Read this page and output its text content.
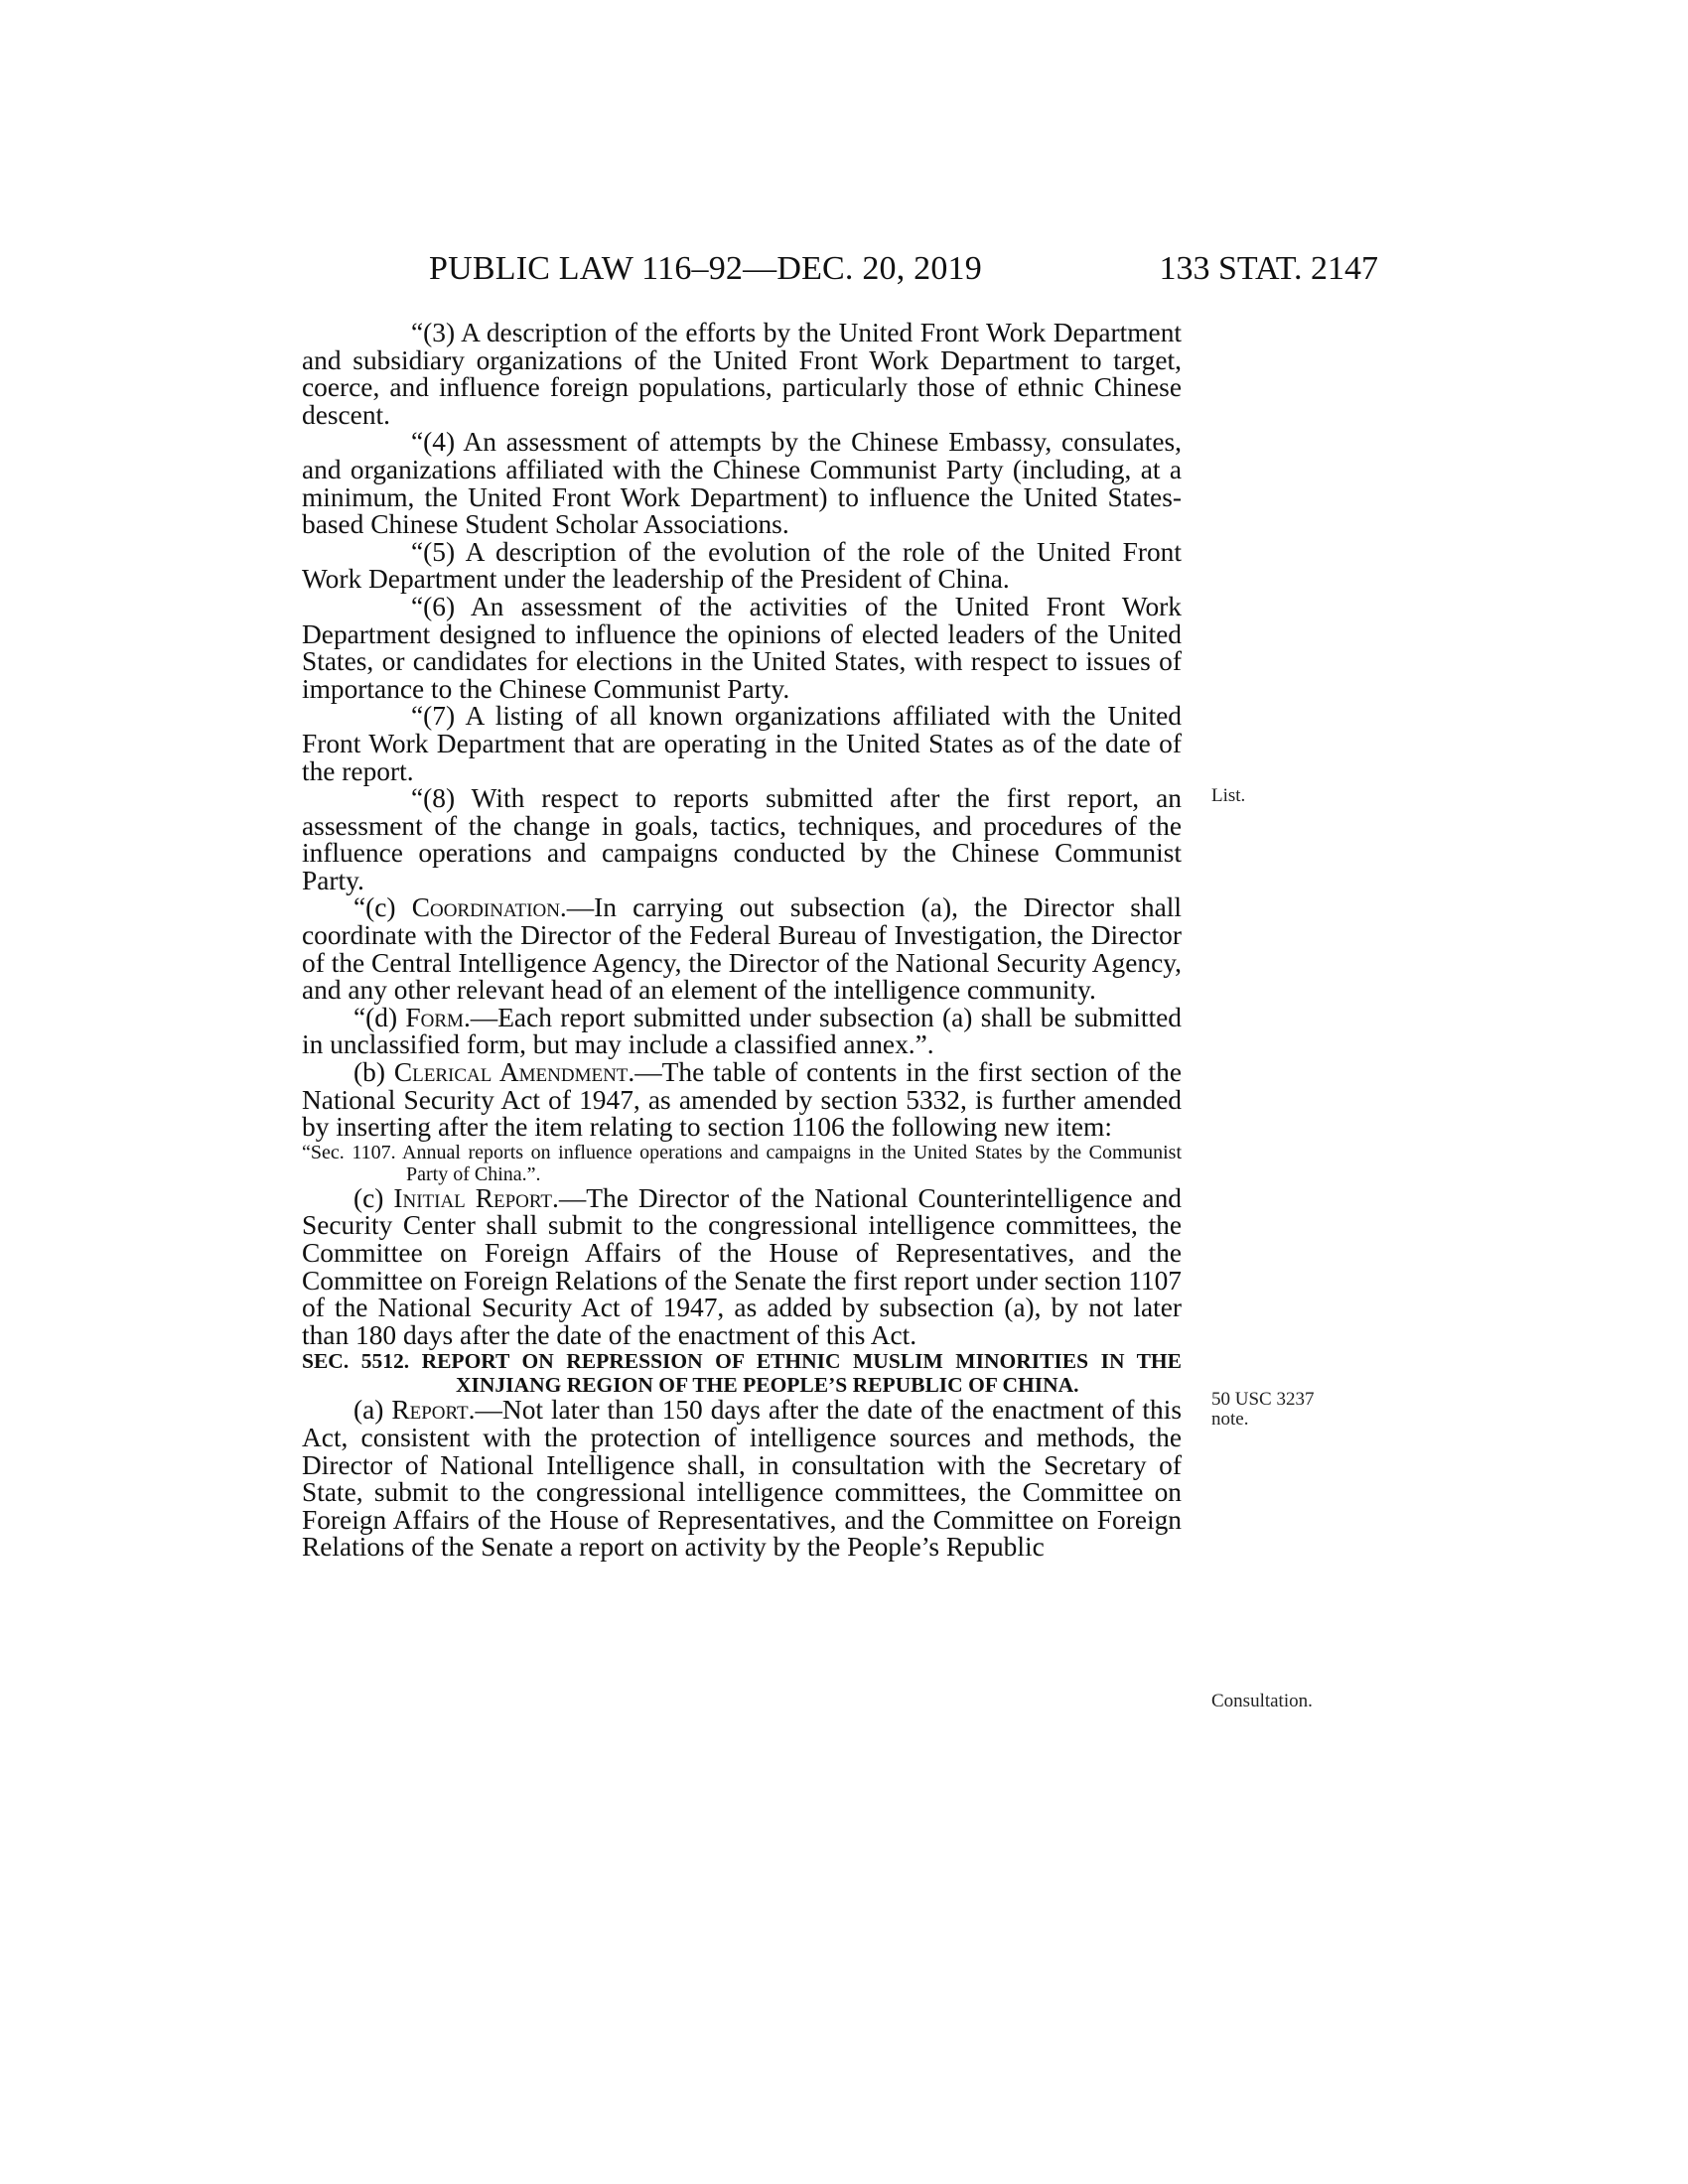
PUBLIC LAW 116–92—DEC. 20, 2019	133 STAT. 2147

“(3) A description of the efforts by the United Front Work Department and subsidiary organizations of the United Front Work Department to target, coerce, and influence foreign populations, particularly those of ethnic Chinese descent.

“(4) An assessment of attempts by the Chinese Embassy, consulates, and organizations affiliated with the Chinese Communist Party (including, at a minimum, the United Front Work Department) to influence the United States-based Chinese Student Scholar Associations.

“(5) A description of the evolution of the role of the United Front Work Department under the leadership of the President of China.

“(6) An assessment of the activities of the United Front Work Department designed to influence the opinions of elected leaders of the United States, or candidates for elections in the United States, with respect to issues of importance to the Chinese Communist Party.

“(7) A listing of all known organizations affiliated with the United Front Work Department that are operating in the United States as of the date of the report.

“(8) With respect to reports submitted after the first report, an assessment of the change in goals, tactics, techniques, and procedures of the influence operations and campaigns conducted by the Chinese Communist Party.

“(c) Coordination.—In carrying out subsection (a), the Director shall coordinate with the Director of the Federal Bureau of Investigation, the Director of the Central Intelligence Agency, the Director of the National Security Agency, and any other relevant head of an element of the intelligence community.

“(d) Form.—Each report submitted under subsection (a) shall be submitted in unclassified form, but may include a classified annex.”.

(b) Clerical Amendment.—The table of contents in the first section of the National Security Act of 1947, as amended by section 5332, is further amended by inserting after the item relating to section 1106 the following new item:

“Sec. 1107. Annual reports on influence operations and campaigns in the United States by the Communist Party of China.”.

(c) Initial Report.—The Director of the National Counterintelligence and Security Center shall submit to the congressional intelligence committees, the Committee on Foreign Affairs of the House of Representatives, and the Committee on Foreign Relations of the Senate the first report under section 1107 of the National Security Act of 1947, as added by subsection (a), by not later than 180 days after the date of the enactment of this Act.

SEC. 5512. REPORT ON REPRESSION OF ETHNIC MUSLIM MINORITIES IN THE XINJIANG REGION OF THE PEOPLE’S REPUBLIC OF CHINA.

(a) Report.—Not later than 150 days after the date of the enactment of this Act, consistent with the protection of intelligence sources and methods, the Director of National Intelligence shall, in consultation with the Secretary of State, submit to the congressional intelligence committees, the Committee on Foreign Affairs of the House of Representatives, and the Committee on Foreign Relations of the Senate a report on activity by the People’s Republic

List.
50 USC 3237
note.
Consultation.
